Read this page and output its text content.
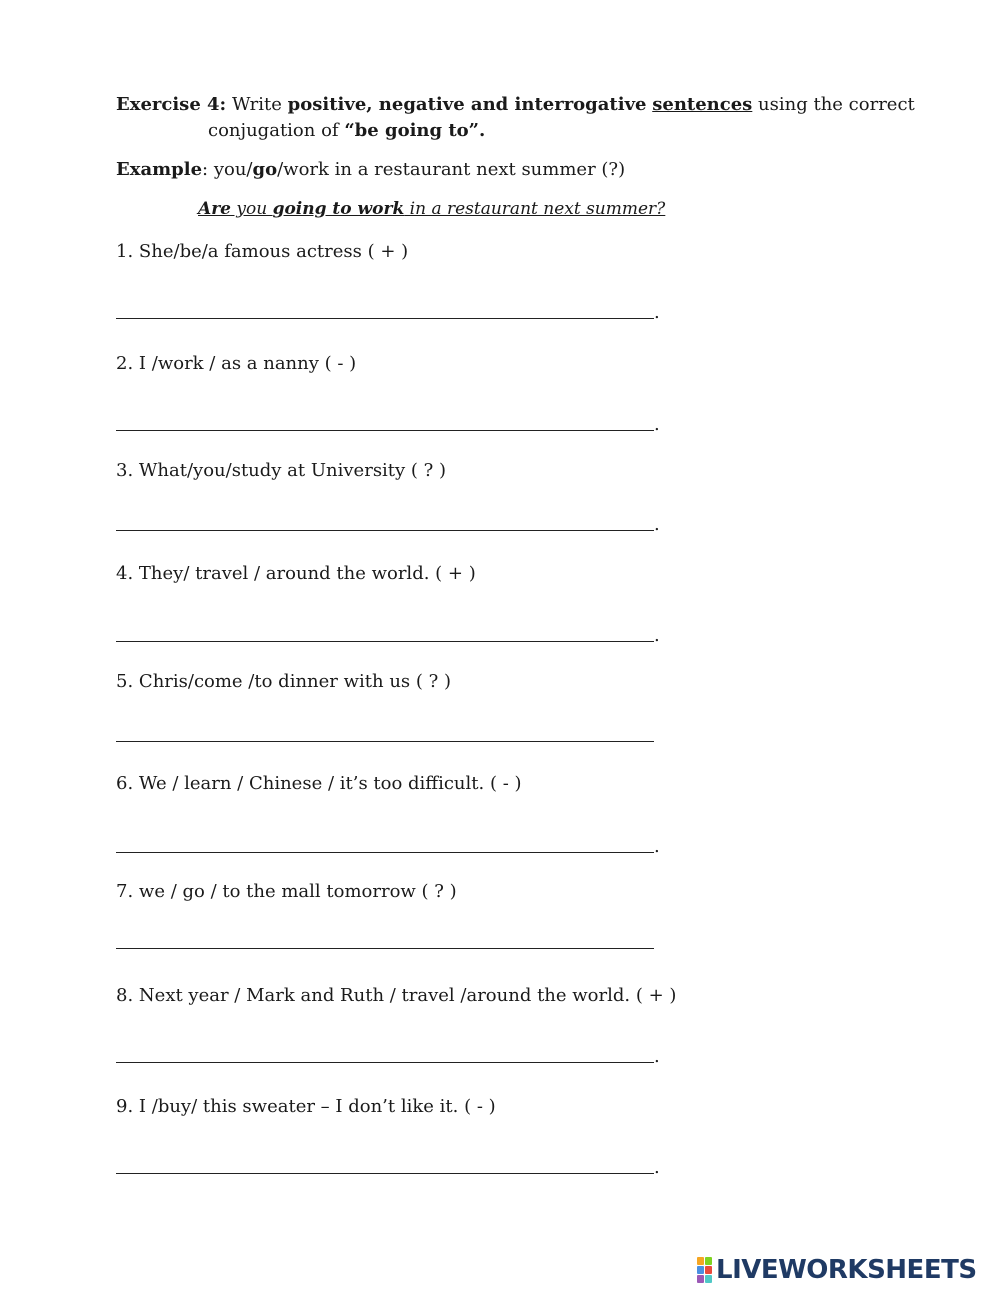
Exercise 4: Write positive, negative and interrogative sentences using the correct
conjugation of “be going to”.
Example: you/go/work in a restaurant next summer (?)
Are you going to work in a restaurant next summer?
1. She/be/a famous actress ( + )
.
2. I /work / as a nanny ( - )
.
3. What/you/study at University ( ? )
.
4. They/ travel / around the world. ( + )
.
5. Chris/come /to dinner with us ( ? )
6. We / learn / Chinese / it’s too difficult. ( - )
.
7. we / go / to the mall tomorrow ( ? )
8. Next year / Mark and Ruth / travel /around the world. ( + )
.
9. I /buy/ this sweater – I don’t like it. ( - )
.
LIVEWORKSHEETS
